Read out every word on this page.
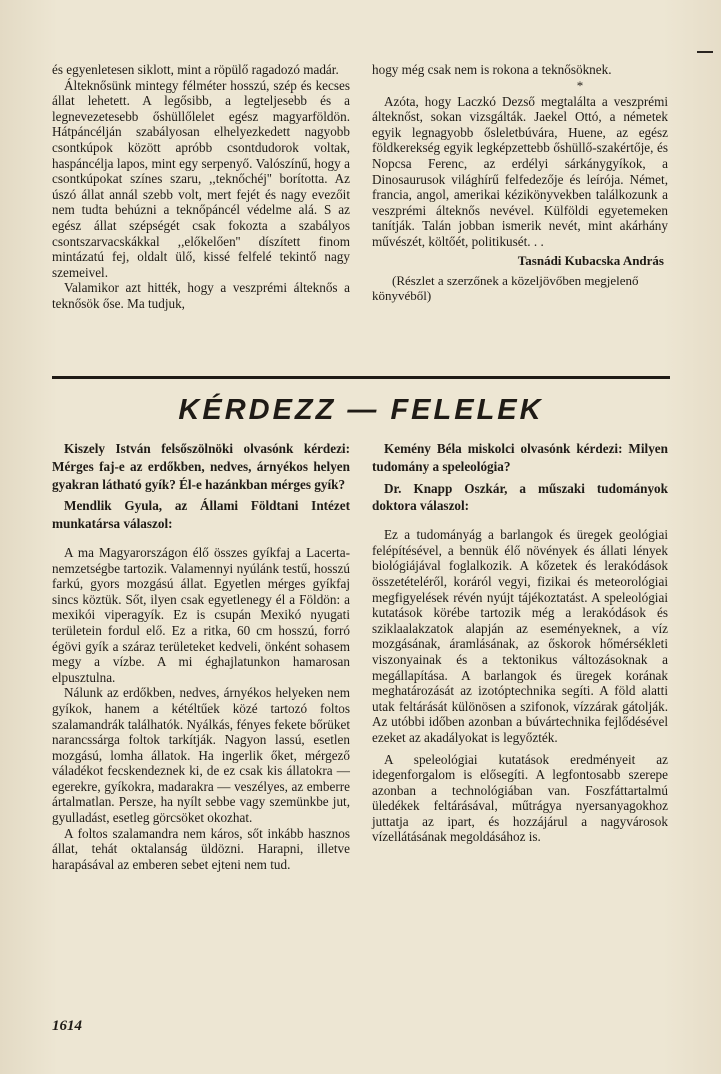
és egyenletesen siklott, mint a röpülő ragadozó madár.

Álteknősünk mintegy félméter hosszú, szép és kecses állat lehetett. A legősibb, a legteljesebb és a legnevezetesebb őshüllőlelet egész magyarföldön. Hátpáncélján szabályosan elhelyezkedett nagyobb csontkúpok között apróbb csontdudorok voltak, haspáncélja lapos, mint egy serpenyő. Valószínű, hogy a csontkúpokat színes szaru, ,,teknőchéj'' borította. Az úszó állat annál szebb volt, mert fejét és nagy evezőit nem tudta behúzni a teknőpáncél védelme alá. S az egész állat szépségét csak fokozta a szabályos csontszarvacskákkal ,,előkelően'' díszített finom mintázatú fej, oldalt ülő, kissé felfelé tekintő nagy szemeivel.

Valamikor azt hitték, hogy a veszprémi álteknős a teknősök őse. Ma tudjuk,

hogy még csak nem is rokona a teknősöknek.

*

Azóta, hogy Laczkó Dezső megtalálta a veszprémi álteknőst, sokan vizsgálták. Jaekel Ottó, a németek egyik legnagyobb ősleletbúvára, Huene, az egész földkerekség egyik legképzettebb őshüllő-szakértője, és Nopcsa Ferenc, az erdélyi sárkánygyíkok, a Dinosaurusok világhírű felfedezője és leírója. Német, francia, angol, amerikai kézikönyvekben találkozunk a veszprémi álteknős nevével. Külföldi egyetemeken tanítják. Talán jobban ismerik nevét, mint akárhány művészét, költőét, politikusét. . .

Tasnádi Kubacska András

(Részlet a szerzőnek a közeljövőben megjelenő könyvéből)

KÉRDEZZ — FELELEK

Kiszely István felsőszölnöki olvasónk kérdezi: Mérges faj-e az erdőkben, nedves, árnyékos helyen gyakran látható gyík? Él-e hazánkban mérges gyík?

Mendlik Gyula, az Állami Földtani Intézet munkatársa válaszol:

A ma Magyarországon élő összes gyíkfaj a Lacerta-nemzetségbe tartozik. Valamennyi nyúlánk testű, hosszú farkú, gyors mozgású állat. Egyetlen mérges gyíkfaj sincs köztük. Sőt, ilyen csak egyetlenegy él a Földön: a mexikói viperagyík. Ez is csupán Mexikó nyugati területein fordul elő. Ez a ritka, 60 cm hosszú, forró égövi gyík a száraz területeket kedveli, önként sohasem megy a vízbe. A mi éghajlatunkon hamarosan elpusztulna.

Nálunk az erdőkben, nedves, árnyékos helyeken nem gyíkok, hanem a kétéltűek közé tartozó foltos szalamandrák találhatók. Nyálkás, fényes fekete bőrüket narancssárga foltok tarkítják. Nagyon lassú, esetlen mozgású, lomha állatok. Ha ingerlik őket, mérgező váladékot fecskendeznek ki, de ez csak kis állatokra — egerekre, gyíkokra, madarakra — veszélyes, az emberre ártalmatlan. Persze, ha nyílt sebbe vagy szemünkbe jut, gyulladást, esetleg görcsöket okozhat.

A foltos szalamandra nem káros, sőt inkább hasznos állat, tehát oktalanság üldözni. Harapni, illetve harapásával az emberen sebet ejteni nem tud.

Kemény Béla miskolci olvasónk kérdezi: Milyen tudomány a speleológia?

Dr. Knapp Oszkár, a műszaki tudományok doktora válaszol:

Ez a tudományág a barlangok és üregek geológiai felépítésével, a bennük élő növények és állati lények biológiájával foglalkozik. A kőzetek és lerakódások összetételéről, koráról vegyi, fizikai és meteorológiai megfigyelések révén nyújt tájékoztatást. A speleológiai kutatások körébe tartozik még a lerakódások és sziklaalakzatok alapján az eseményeknek, a víz mozgásának, áramlásának, az őskorok hőmérsékleti viszonyainak és a tektonikus változásoknak a megállapítása. A barlangok és üregek korának meghatározását az izotóptechnika segíti. A föld alatti utak feltárását különösen a szifonok, vízzárak gátolják. Az utóbbi időben azonban a búvártechnika fejlődésével ezeket az akadályokat is legyőzték.

A speleológiai kutatások eredményeit az idegenforgalom is elősegíti. A legfontosabb szerepe azonban a technológiában van. Foszfáttartalmú üledékek feltárásával, műtrágya nyersanyagokhoz juttatja az ipart, és hozzájárul a nagyvárosok vízellátásának megoldásához is.

1614
